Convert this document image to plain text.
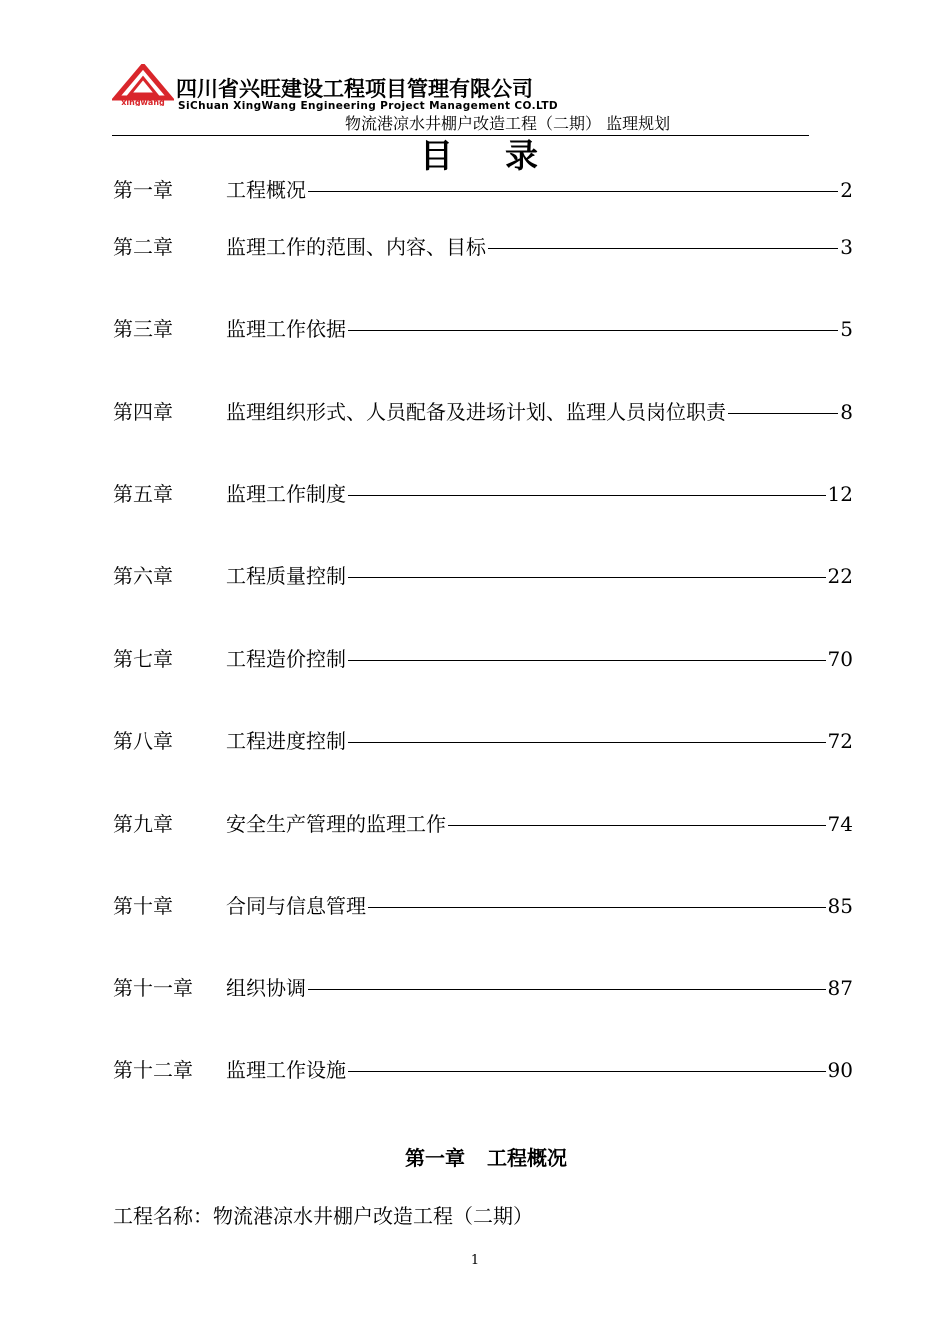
xingwang
四川省兴旺建设工程项目管理有限公司
SiChuan XingWang Engineering Project Management CO.LTD
物流港凉水井棚户改造工程（二期） 监理规划
目录
第一章	工程概况	2
第二章	监理工作的范围、内容、目标	3
第三章	监理工作依据	5
第四章	监理组织形式、人员配备及进场计划、监理人员岗位职责	8
第五章	监理工作制度	12
第六章	工程质量控制	22
第七章	工程造价控制	70
第八章	工程进度控制	72
第九章	安全生产管理的监理工作	74
第十章	合同与信息管理	85
第十一章	组织协调	87
第十二章	监理工作设施	90
第一章 工程概况
工程名称：物流港凉水井棚户改造工程（二期）
1
